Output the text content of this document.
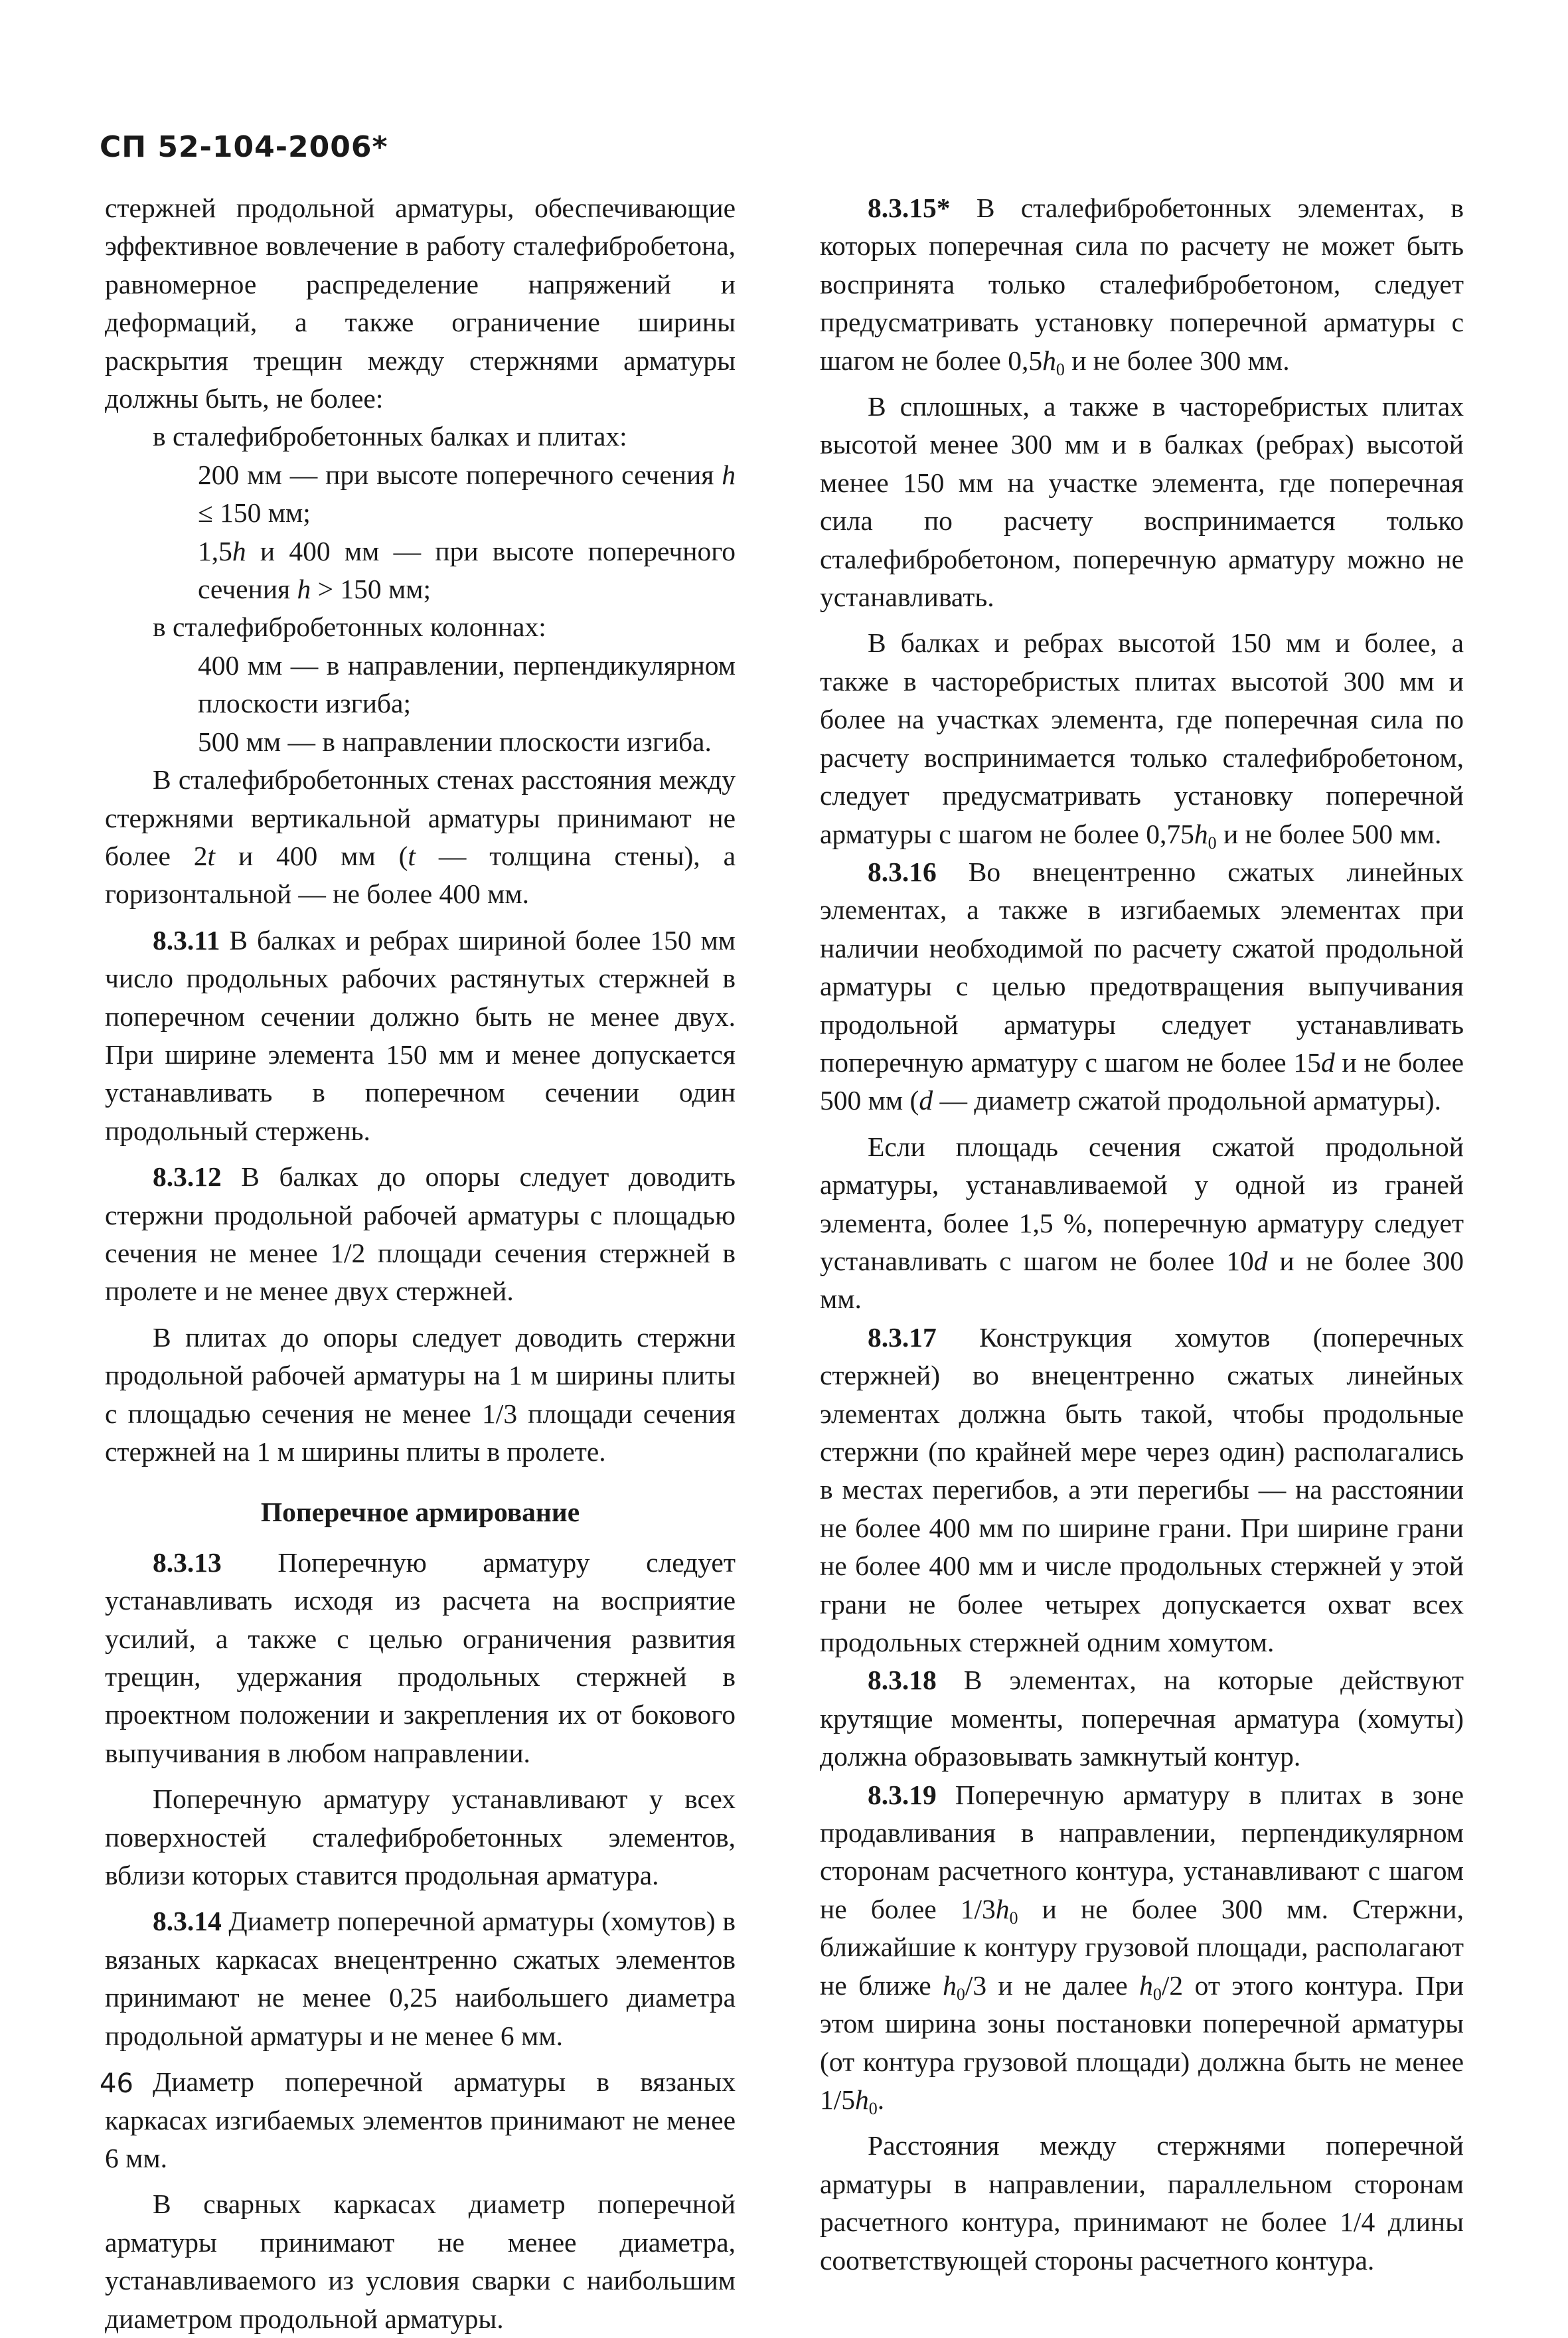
СП 52-104-2006*

стержней продольной арматуры, обеспечивающие эффективное вовлечение в работу сталефибробетона, равномерное распределение напряжений и деформаций, а также ограничение ширины раскрытия трещин между стержнями арматуры должны быть, не более:

в сталефибробетонных балках и плитах:

200 мм — при высоте поперечного сечения h ≤ 150 мм;

1,5h и 400 мм — при высоте поперечного сечения h > 150 мм;

в сталефибробетонных колоннах:

400 мм — в направлении, перпендикулярном плоскости изгиба;

500 мм — в направлении плоскости изгиба.

В сталефибробетонных стенах расстояния между стержнями вертикальной арматуры принимают не более 2t и 400 мм (t — толщина стены), а горизонтальной — не более 400 мм.

8.3.11 В балках и ребрах шириной более 150 мм число продольных рабочих растянутых стержней в поперечном сечении должно быть не менее двух. При ширине элемента 150 мм и менее допускается устанавливать в поперечном сечении один продольный стержень.

8.3.12 В балках до опоры следует доводить стержни продольной рабочей арматуры с площадью сечения не менее 1/2 площади сечения стержней в пролете и не менее двух стержней.

В плитах до опоры следует доводить стержни продольной рабочей арматуры на 1 м ширины плиты с площадью сечения не менее 1/3 площади сечения стержней на 1 м ширины плиты в пролете.

Поперечное армирование

8.3.13 Поперечную арматуру следует устанавливать исходя из расчета на восприятие усилий, а также с целью ограничения развития трещин, удержания продольных стержней в проектном положении и закрепления их от бокового выпучивания в любом направлении.

Поперечную арматуру устанавливают у всех поверхностей сталефибробетонных элементов, вблизи которых ставится продольная арматура.

8.3.14 Диаметр поперечной арматуры (хомутов) в вязаных каркасах внецентренно сжатых элементов принимают не менее 0,25 наибольшего диаметра продольной арматуры и не менее 6 мм.

Диаметр поперечной арматуры в вязаных каркасах изгибаемых элементов принимают не менее 6 мм.

В сварных каркасах диаметр поперечной арматуры принимают не менее диаметра, устанавливаемого из условия сварки с наибольшим диаметром продольной арматуры.

8.3.15* В сталефибробетонных элементах, в которых поперечная сила по расчету не может быть воспринята только сталефибробетоном, следует предусматривать установку поперечной арматуры с шагом не более $0,5h_0$ и не более 300 мм.

В сплошных, а также в часторебристых плитах высотой менее 300 мм и в балках (ребрах) высотой менее 150 мм на участке элемента, где поперечная сила по расчету воспринимается только сталефибробетоном, поперечную арматуру можно не устанавливать.

В балках и ребрах высотой 150 мм и более, а также в часторебристых плитах высотой 300 мм и более на участках элемента, где поперечная сила по расчету воспринимается только сталефибробетоном, следует предусматривать установку поперечной арматуры с шагом не более $0,75h_0$ и не более 500 мм.

8.3.16 Во внецентренно сжатых линейных элементах, а также в изгибаемых элементах при наличии необходимой по расчету сжатой продольной арматуры с целью предотвращения выпучивания продольной арматуры следует устанавливать поперечную арматуру с шагом не более 15d и не более 500 мм (d — диаметр сжатой продольной арматуры).

Если площадь сечения сжатой продольной арматуры, устанавливаемой у одной из граней элемента, более 1,5 %, поперечную арматуру следует устанавливать с шагом не более 10d и не более 300 мм.

8.3.17 Конструкция хомутов (поперечных стержней) во внецентренно сжатых линейных элементах должна быть такой, чтобы продольные стержни (по крайней мере через один) располагались в местах перегибов, а эти перегибы — на расстоянии не более 400 мм по ширине грани. При ширине грани не более 400 мм и числе продольных стержней у этой грани не более четырех допускается охват всех продольных стержней одним хомутом.

8.3.18 В элементах, на которые действуют крутящие моменты, поперечная арматура (хомуты) должна образовывать замкнутый контур.

8.3.19 Поперечную арматуру в плитах в зоне продавливания в направлении, перпендикулярном сторонам расчетного контура, устанавливают с шагом не более $1/3h_0$ и не более 300 мм. Стержни, ближайшие к контуру грузовой площади, располагают не ближе $h_0/3$ и не далее $h_0/2$ от этого контура. При этом ширина зоны постановки поперечной арматуры (от контура грузовой площади) должна быть не менее $1/5h_0$.

Расстояния между стержнями поперечной арматуры в направлении, параллельном сторонам расчетного контура, принимают не более 1/4 длины соответствующей стороны расчетного контура.

46
